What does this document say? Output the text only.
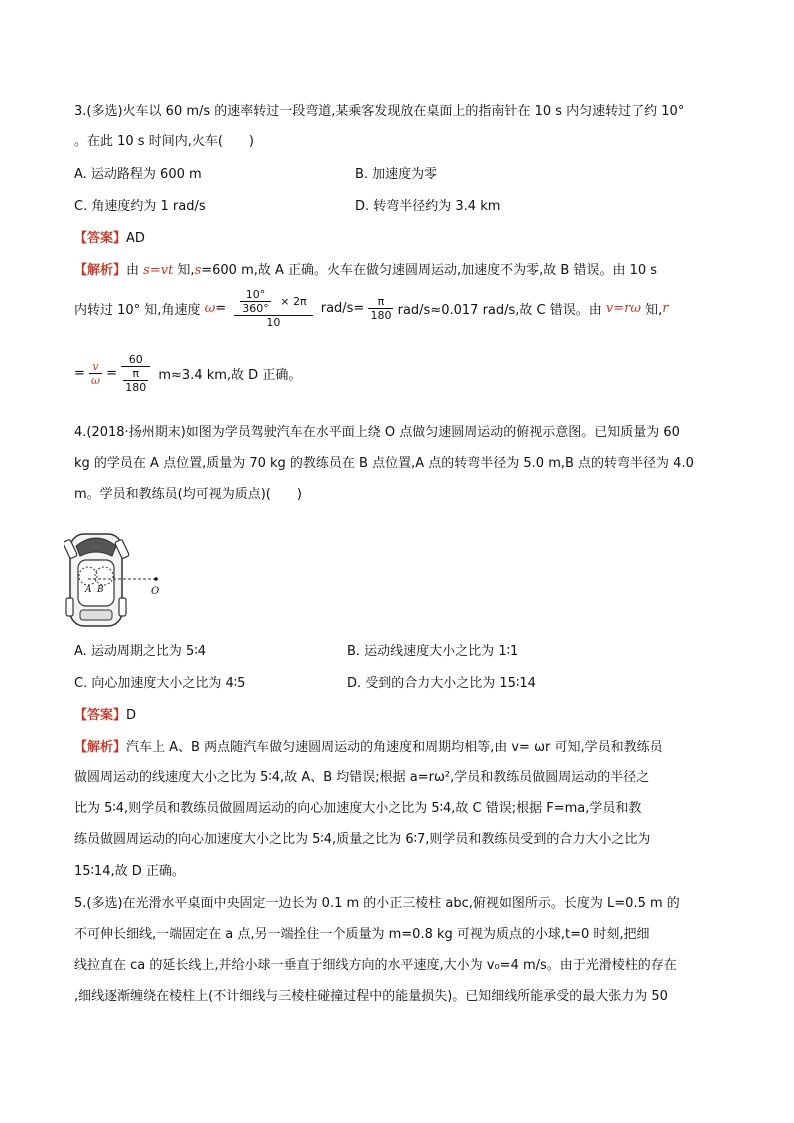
3.(多选)火车以 60 m/s 的速率转过一段弯道,某乘客发现放在桌面上的指南针在 10 s 内匀速转过了约 10°
。在此 10 s 时间内,火车(　　)
A. 运动路程为 600 m	B. 加速度为零
C. 角速度约为 1 rad/s	D. 转弯半径约为 3.4 km
【答案】AD
【解析】由 s=vt 知,s=600 m,故 A 正确。火车在做匀速圆周运动,加速度不为零,故 B 错误。由 10 s
内转过 10° 知,角速度 $\omega= \frac{\frac{10^\circ}{360^\circ} \times 2\pi}{10} rad/s= \frac{\pi}{180} rad/s\approx 0.017$ rad/s,故 C 错误。由 v=rω 知,r
= $\frac{v}{\omega} = \frac{60}{\frac{\pi}{180}} m\approx 3.4$ km,故 D 正确。
4.(2018·扬州期末)如图为学员驾驶汽车在水平面上绕 O 点做匀速圆周运动的俯视示意图。已知质量为 60
kg 的学员在 A 点位置,质量为 70 kg 的教练员在 B 点位置,A 点的转弯半径为 5.0 m,B 点的转弯半径为 4.0
m。学员和教练员(均可视为质点)(　　)
A B	O
A. 运动周期之比为 5∶4	B. 运动线速度大小之比为 1∶1
C. 向心加速度大小之比为 4∶5	D. 受到的合力大小之比为 15∶14
【答案】D
【解析】汽车上 A、B 两点随汽车做匀速圆周运动的角速度和周期均相等,由 v= ωr 可知,学员和教练员
做圆周运动的线速度大小之比为 5∶4,故 A、B 均错误;根据 a=rω²,学员和教练员做圆周运动的半径之
比为 5∶4,则学员和教练员做圆周运动的向心加速度大小之比为 5∶4,故 C 错误;根据 F=ma,学员和教
练员做圆周运动的向心加速度大小之比为 5∶4,质量之比为 6∶7,则学员和教练员受到的合力大小之比为
15∶14,故 D 正确。
5.(多选)在光滑水平桌面中央固定一边长为 0.1 m 的小正三棱柱 abc,俯视如图所示。长度为 L=0.5 m 的
不可伸长细线,一端固定在 a 点,另一端拴住一个质量为 m=0.8 kg 可视为质点的小球,t=0 时刻,把细
线拉直在 ca 的延长线上,并给小球一垂直于细线方向的水平速度,大小为 v₀=4 m/s。由于光滑棱柱的存在
,细线逐渐缠绕在棱柱上(不计细线与三棱柱碰撞过程中的能量损失)。已知细线所能承受的最大张力为 50
